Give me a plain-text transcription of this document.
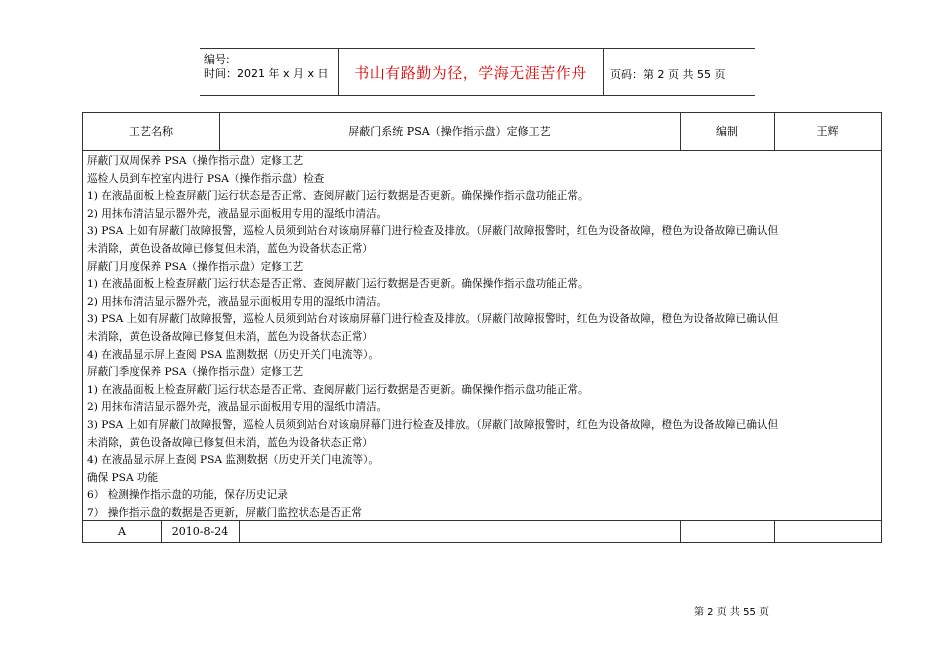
编号:
时间：2021 年 x 月 x 日	书山有路勤为径，学海无涯苦作舟	页码：第 2 页 共 55 页
工艺名称	屏蔽门系统 PSA（操作指示盘）定修工艺	编制	王辉
屏蔽门双周保养 PSA（操作指示盘）定修工艺
巡检人员到车控室内进行 PSA（操作指示盘）检查
1) 在液晶面板上检查屏蔽门运行状态是否正常、查阅屏蔽门运行数据是否更新。确保操作指示盘功能正常。
2) 用抹布清洁显示器外壳，液晶显示面板用专用的湿纸巾清洁。
3) PSA 上如有屏蔽门故障报警，巡检人员须到站台对该扇屏幕门进行检查及排放。（屏蔽门故障报警时，红色为设备故障，橙色为设备故障已确认但
未消除，黄色设备故障已修复但未消，蓝色为设备状态正常）
屏蔽门月度保养 PSA（操作指示盘）定修工艺
1) 在液晶面板上检查屏蔽门运行状态是否正常、查阅屏蔽门运行数据是否更新。确保操作指示盘功能正常。
2) 用抹布清洁显示器外壳，液晶显示面板用专用的湿纸巾清洁。
3) PSA 上如有屏蔽门故障报警，巡检人员须到站台对该扇屏幕门进行检查及排放。（屏蔽门故障报警时，红色为设备故障，橙色为设备故障已确认但
未消除，黄色设备故障已修复但未消，蓝色为设备状态正常）
4) 在液晶显示屏上查阅 PSA 监测数据（历史开关门电流等）。
屏蔽门季度保养 PSA（操作指示盘）定修工艺
1) 在液晶面板上检查屏蔽门运行状态是否正常、查阅屏蔽门运行数据是否更新。确保操作指示盘功能正常。
2) 用抹布清洁显示器外壳，液晶显示面板用专用的湿纸巾清洁。
3) PSA 上如有屏蔽门故障报警，巡检人员须到站台对该扇屏幕门进行检查及排放。（屏蔽门故障报警时，红色为设备故障，橙色为设备故障已确认但
未消除，黄色设备故障已修复但未消，蓝色为设备状态正常）
4) 在液晶显示屏上查阅 PSA 监测数据（历史开关门电流等）。
确保 PSA 功能
6） 检测操作指示盘的功能，保存历史记录
7） 操作指示盘的数据是否更新，屏蔽门监控状态是否正常
A	2010-8-24
第 2 页 共 55 页
